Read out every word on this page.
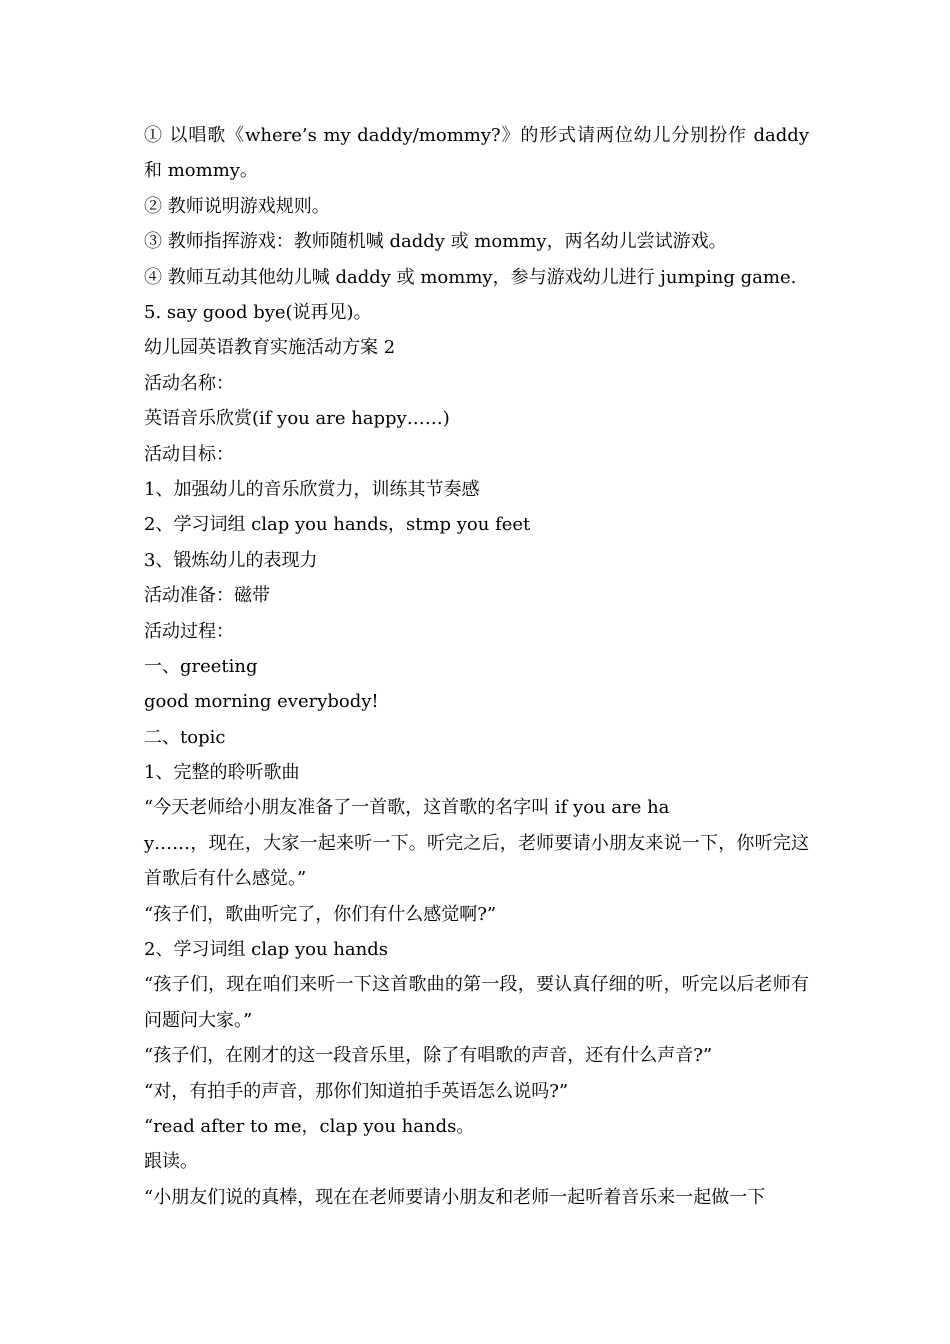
① 以唱歌《where’s my daddy/mommy?》的形式请两位幼儿分别扮作 daddy 和 mommy。
② 教师说明游戏规则。
③ 教师指挥游戏：教师随机喊 daddy 或 mommy，两名幼儿尝试游戏。
④ 教师互动其他幼儿喊 daddy 或 mommy，参与游戏幼儿进行 jumping game.
5. say good bye(说再见)。
幼儿园英语教育实施活动方案 2
活动名称：
英语音乐欣赏(if you are happy……)
活动目标：
1、加强幼儿的音乐欣赏力，训练其节奏感
2、学习词组 clap you hands，stmp you feet
3、锻炼幼儿的表现力
活动准备：磁带
活动过程：
一、greeting
good morning everybody!
二、topic
1、完整的聆听歌曲
“今天老师给小朋友准备了一首歌，这首歌的名字叫 if you are ha
y……，现在，大家一起来听一下。听完之后，老师要请小朋友来说一下，你听完这首歌后有什么感觉。”
“孩子们，歌曲听完了，你们有什么感觉啊?”
2、学习词组 clap you hands
“孩子们，现在咱们来听一下这首歌曲的第一段，要认真仔细的听，听完以后老师有问题问大家。”
“孩子们，在刚才的这一段音乐里，除了有唱歌的声音，还有什么声音?”
“对，有拍手的声音，那你们知道拍手英语怎么说吗?”
“read after to me，clap you hands。
跟读。
“小朋友们说的真棒，现在在老师要请小朋友和老师一起听着音乐来一起做一下
